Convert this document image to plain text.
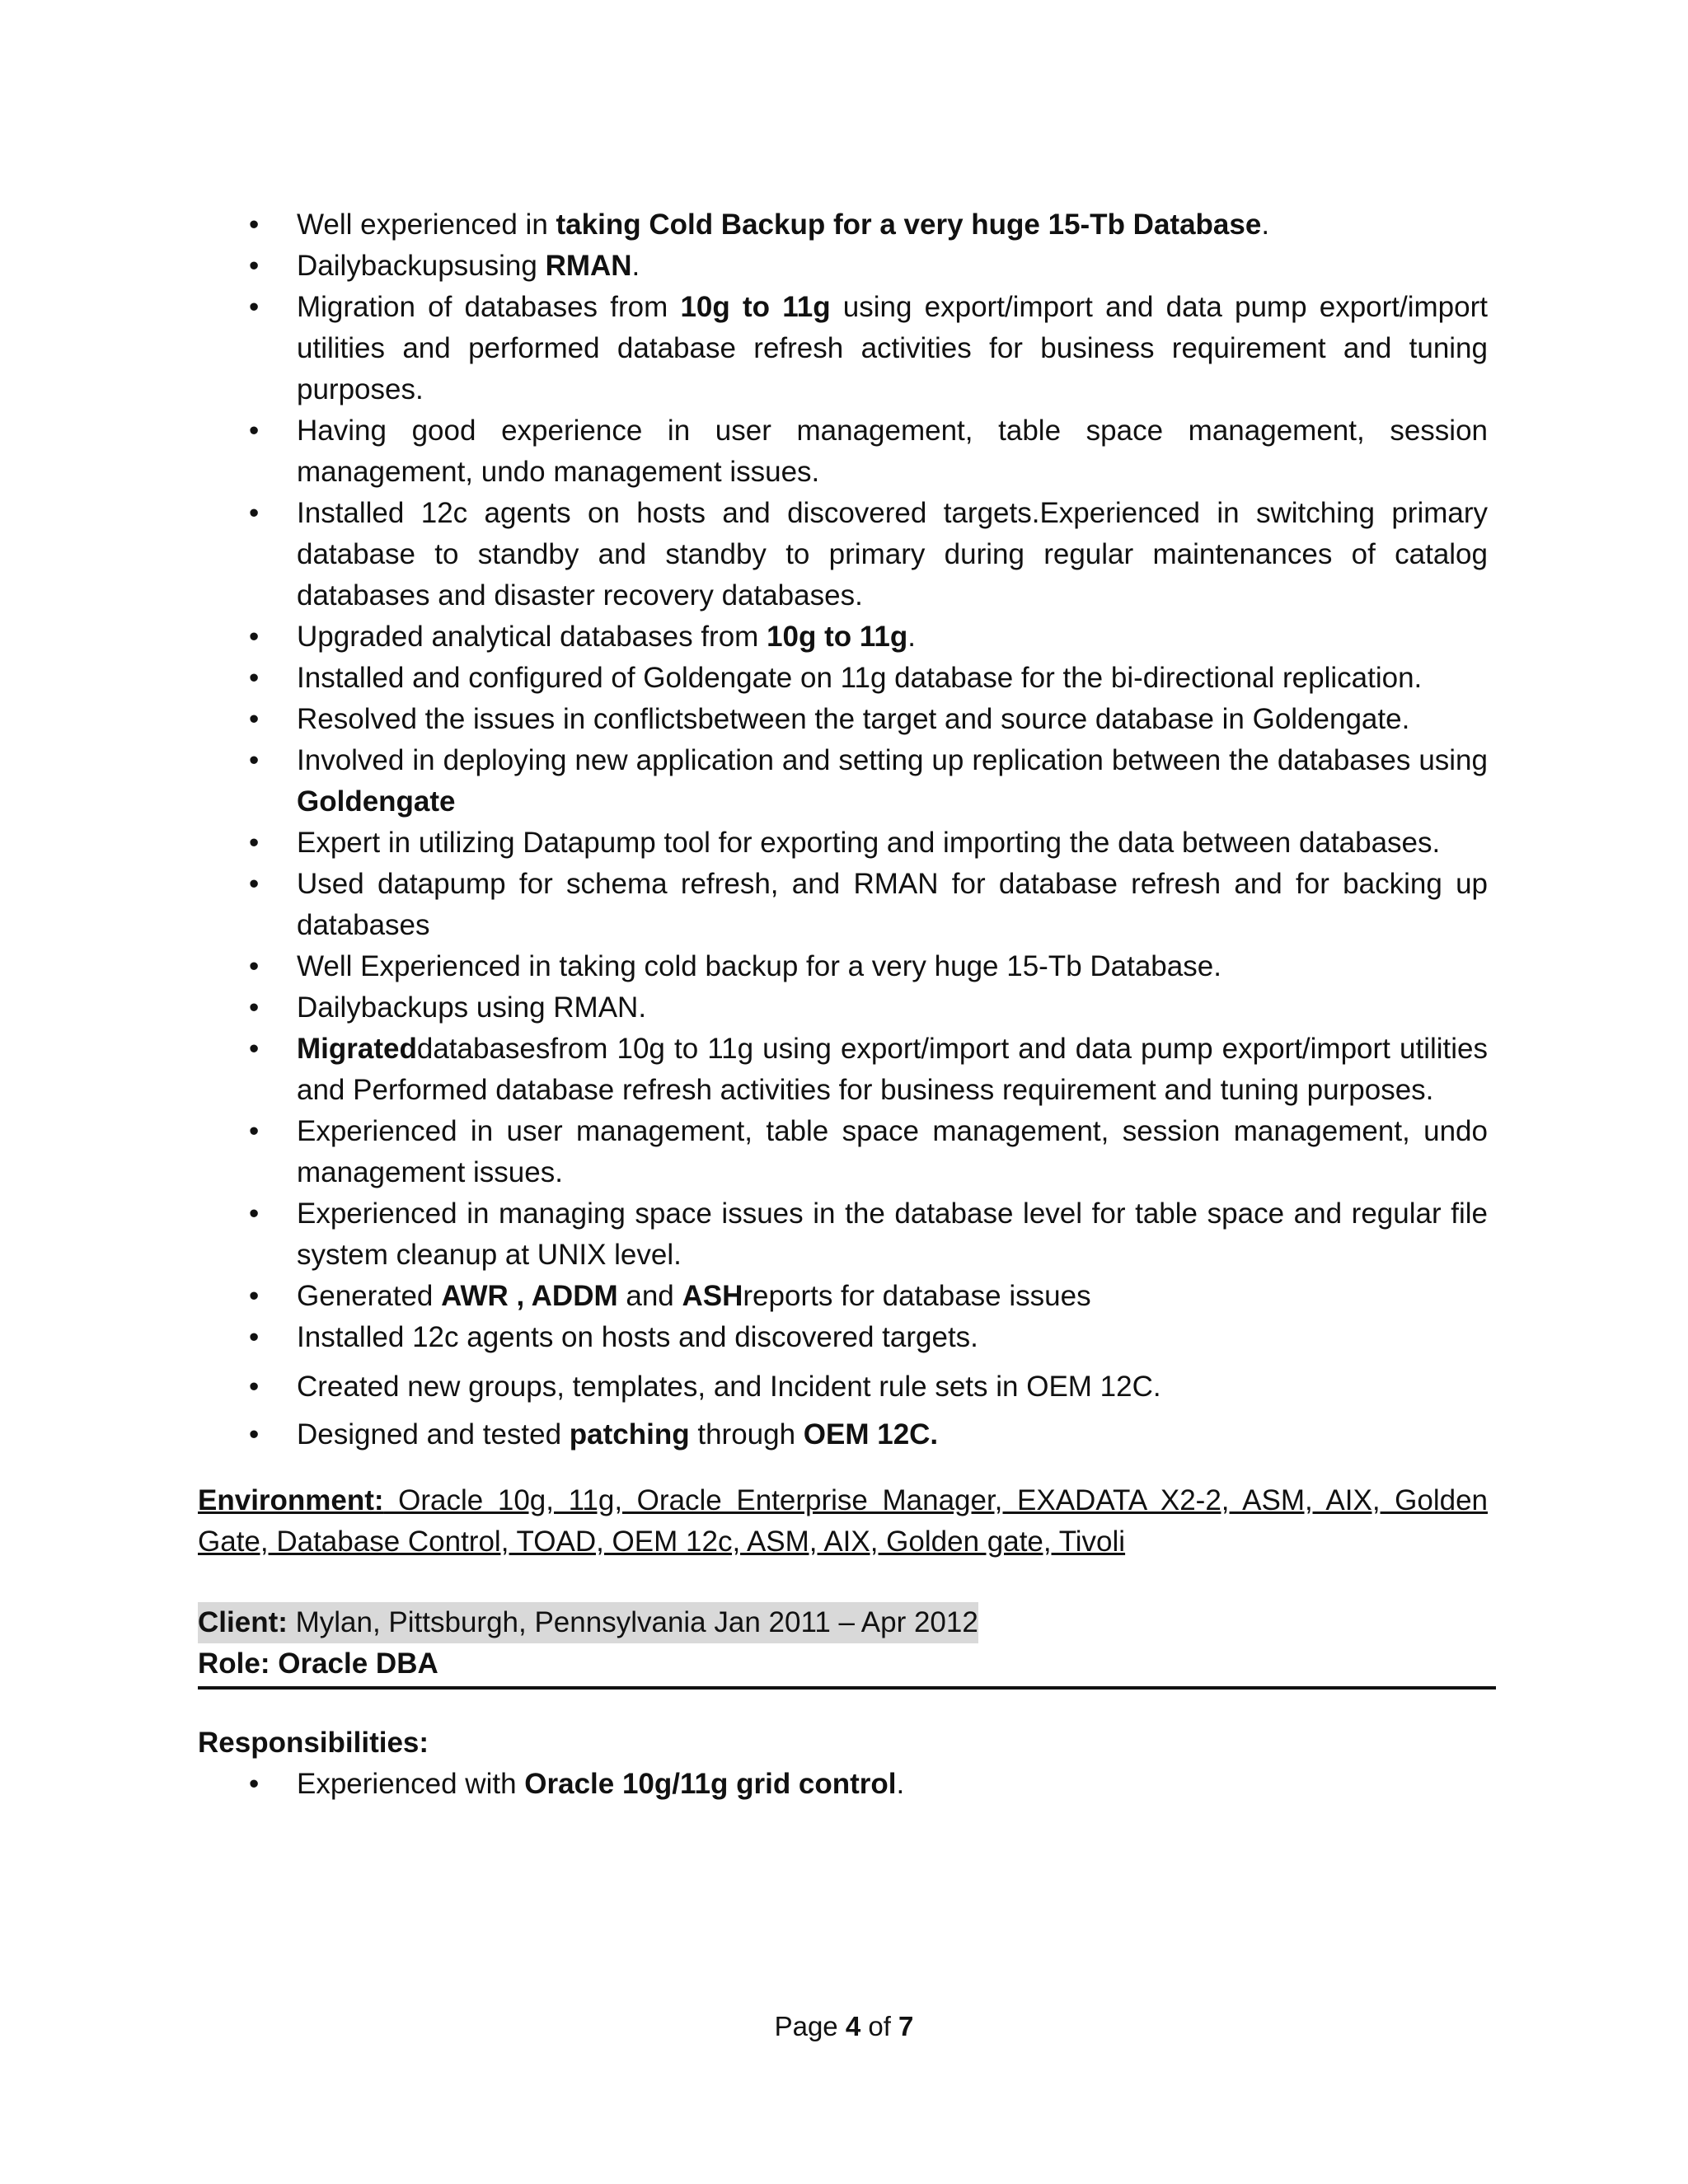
•	Well experienced in taking Cold Backup for a very huge 15-Tb Database.
•	Dailybackupsusing RMAN.
•	Migration of databases from 10g to 11g using export/import and data pump export/import utilities and performed database refresh activities for business requirement and tuning purposes.
•	Having good experience in user management, table space management, session management, undo management issues.
•	Installed 12c agents on hosts and discovered targets.Experienced in switching primary database to standby and standby to primary during regular maintenances of catalog databases and disaster recovery databases.
•	Upgraded analytical databases from 10g to 11g.
•	Installed and configured of Goldengate on 11g database for the bi-directional replication.
•	Resolved the issues in conflictsbetween the target and source database in Goldengate.
•	Involved in deploying new application and setting up replication between the databases using Goldengate
•	Expert in utilizing Datapump tool for exporting and importing the data between databases.
•	Used datapump for schema refresh, and RMAN for database refresh and for backing up databases
•	Well Experienced in taking cold backup for a very huge 15-Tb Database.
•	Dailybackups using RMAN.
•	Migrateddatabasesfrom 10g to 11g using export/import and data pump export/import utilities and Performed database refresh activities for business requirement and tuning purposes.
•	Experienced in user management, table space management, session management, undo management issues.
•	Experienced in managing space issues in the database level for table space and regular file system cleanup at UNIX level.
•	Generated AWR , ADDM and ASHreports for database issues
•	Installed 12c agents on hosts and discovered targets.
•	Created new groups, templates, and Incident rule sets in OEM 12C.
•	Designed and tested patching through OEM 12C.
Environment: Oracle 10g, 11g, Oracle Enterprise Manager, EXADATA X2-2, ASM, AIX, Golden Gate, Database Control, TOAD, OEM 12c, ASM, AIX, Golden gate, Tivoli
Client: Mylan, Pittsburgh, Pennsylvania Jan 2011 – Apr 2012
Role: Oracle DBA
Responsibilities:
•	Experienced with Oracle 10g/11g grid control.
Page 4 of 7
